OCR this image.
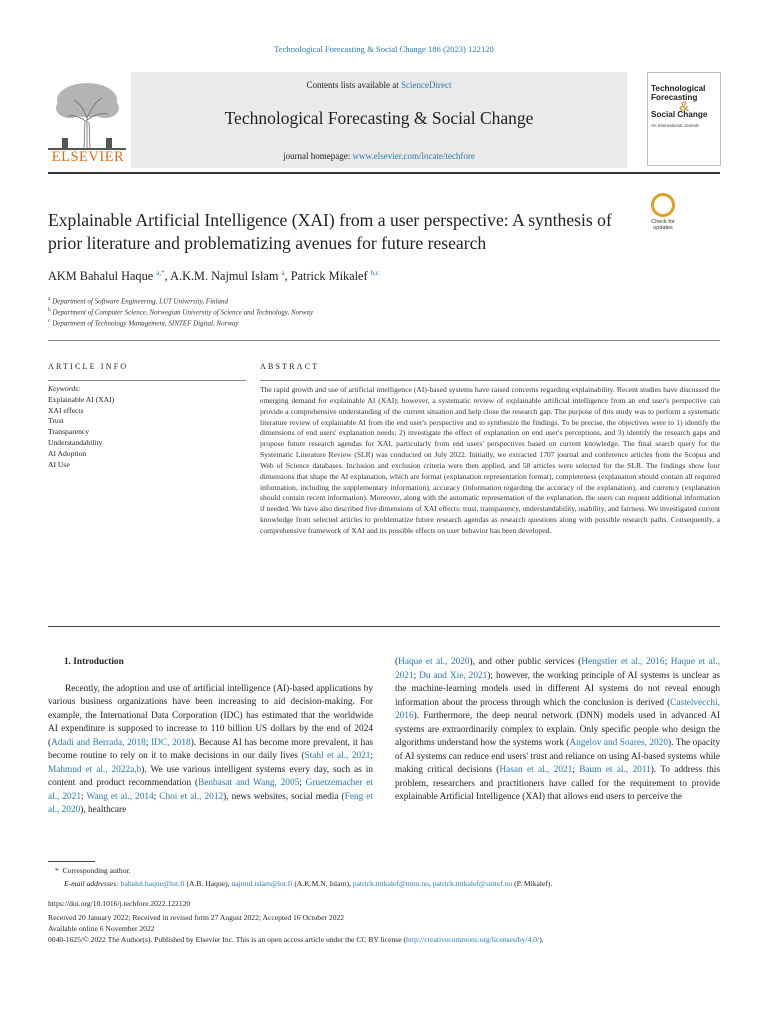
Technological Forecasting & Social Change 186 (2023) 122120
ELSEVIER
Contents lists available at ScienceDirect
Technological Forecasting & Social Change
journal homepage: www.elsevier.com/locate/techfore
Technological
Forecasting
&
Social Change
An International Journal
Check for updates
Explainable Artificial Intelligence (XAI) from a user perspective: A synthesis of prior literature and problematizing avenues for future research
AKM Bahalul Haque $^{a,*}$, A.K.M. Najmul Islam $^a$, Patrick Mikalef $^{b,c}$
$^a$ Department of Software Engineering, LUT University, Finland
$^b$ Department of Computer Science, Norwegian University of Science and Technology, Norway
$^c$ Department of Technology Management, SINTEF Digital, Norway
ARTICLE INFO
Keywords:
Explainable AI (XAI)
XAI effects
Trust
Transparency
Understandability
AI Adoption
AI Use
ABSTRACT
The rapid growth and use of artificial intelligence (AI)-based systems have raised concerns regarding explainability. Recent studies have discussed the emerging demand for explainable AI (XAI); however, a systematic review of explainable artificial intelligence from an end user's perspective can provide a comprehensive understanding of the current situation and help close the research gap. The purpose of this study was to perform a systematic literature review of explainable AI from the end user's perspective and to synthesize the findings. To be precise, the objectives were to 1) identify the dimensions of end users' explanation needs; 2) investigate the effect of explanation on end user's perceptions, and 3) identify the research gaps and propose future research agendas for XAI, particularly from end users' perspectives based on current knowledge. The final search query for the Systematic Literature Review (SLR) was conducted on July 2022. Initially, we extracted 1707 journal and conference articles from the Scopus and Web of Science databases. Inclusion and exclusion criteria were then applied, and 58 articles were selected for the SLR. The findings show four dimensions that shape the AI explanation, which are format (explanation representation format), completeness (explanation should contain all required information, including the supplementary information), accuracy (information regarding the accuracy of the explanation), and currency (explanation should contain recent information). Moreover, along with the automatic representation of the explanation, the users can request additional information if needed. We have also described five dimensions of XAI effects: trust, transparency, understandability, usability, and fairness. We investigated current knowledge from selected articles to problematize future research agendas as research questions along with possible research paths. Consequently, a comprehensive framework of XAI and its possible effects on user behavior has been developed.

1. Introduction

Recently, the adoption and use of artificial intelligence (AI)-based applications by various business organizations have been increasing to aid decision-making. For example, the International Data Corporation (IDC) has estimated that the worldwide AI expenditure is supposed to increase to 110 billion US dollars by the end of 2024 (Adadi and Berrada, 2018; IDC, 2018). Because AI has become more prevalent, it has become routine to rely on it to make decisions in our daily lives (Stahl et al., 2021; Mahmud et al., 2022a,b). We use various intelligent systems every day, such as in content and product recommendation (Benbasat and Wang, 2005; Gruetzemacher et al., 2021; Wang et al., 2014; Choi et al., 2012), news websites, social media (Feng et al., 2020), healthcare

(Haque et al., 2020), and other public services (Hengstler et al., 2016; Haque et al., 2021; Du and Xie, 2021); however, the working principle of AI systems is unclear as the machine-learning models used in different AI systems do not reveal enough information about the process through which the conclusion is derived (Castelvecchi, 2016). Furthermore, the deep neural network (DNN) models used in advanced AI systems are extraordinarily complex to explain. Only specific people who design the algorithms understand how the systems work (Angelov and Soares, 2020). The opacity of AI systems can reduce end users' trust and reliance on using AI-based systems while making critical decisions (Hasan et al., 2021; Baum et al., 2011). To address this problem, researchers and practitioners have called for the requirement to provide explainable Artificial Intelligence (XAI) that allows end users to perceive the

* Corresponding author.
E-mail addresses: bahalul.haque@lut.fi (A.B. Haque), najmul.islam@lut.fi (A.K.M.N. Islam), patrick.mikalef@ntnu.no, patrick.mikalef@sintef.no (P. Mikalef).
https://doi.org/10.1016/j.techfore.2022.122120
Received 20 January 2022; Received in revised form 27 August 2022; Accepted 16 October 2022
Available online 6 November 2022
0040-1625/© 2022 The Author(s). Published by Elsevier Inc. This is an open access article under the CC BY license (http://creativecommons.org/licenses/by/4.0/).
